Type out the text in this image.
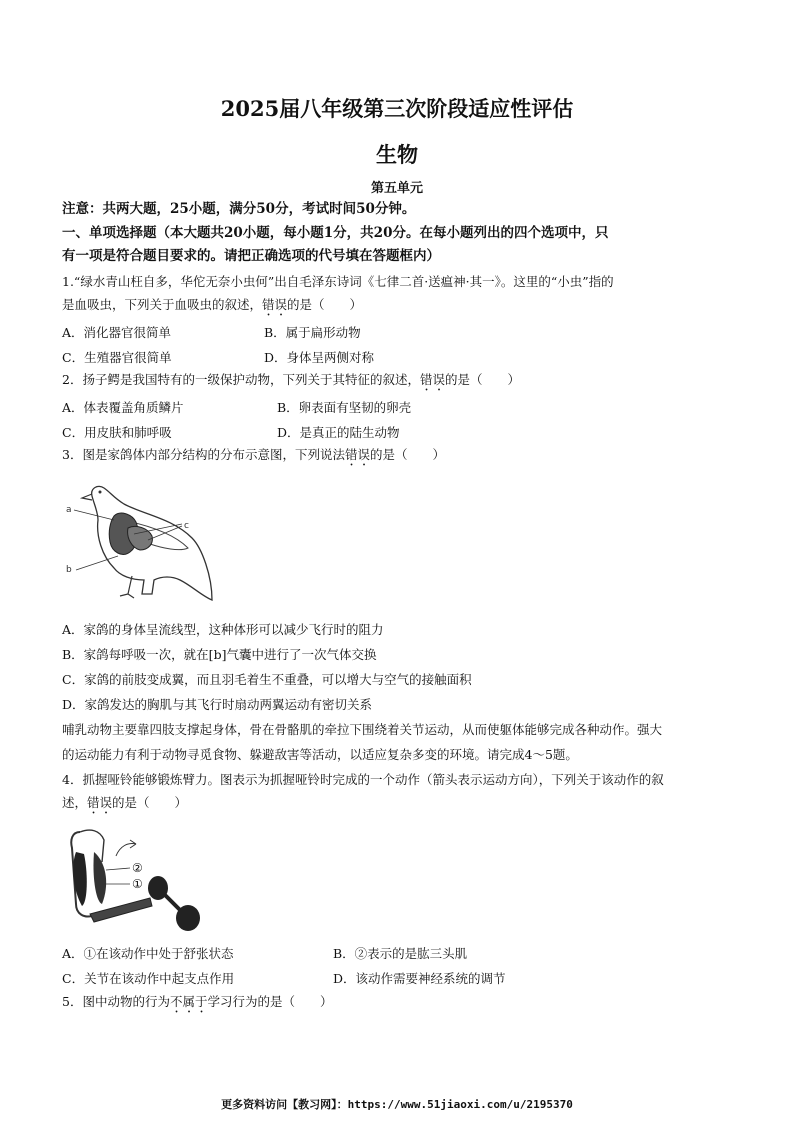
2025届八年级第三次阶段适应性评估
生物
第五单元
注意：共两大题，25小题，满分50分，考试时间50分钟。
一、单项选择题（本大题共20小题，每小题1分，共20分。在每小题列出的四个选项中，只
有一项是符合题目要求的。请把正确选项的代号填在答题框内）
1.“绿水青山枉自多，华佗无奈小虫何”出自毛泽东诗词《七律二首·送瘟神·其一》。这里的“小虫”指的
是血吸虫，下列关于血吸虫的叙述，错误的是（　　）
A．消化器官很简单	B．属于扁形动物
C．生殖器官很简单	D．身体呈两侧对称
2．扬子鳄是我国特有的一级保护动物，下列关于其特征的叙述，错误的是（　　）
A．体表覆盖角质鳞片	B．卵表面有坚韧的卵壳
C．用皮肤和肺呼吸	D．是真正的陆生动物
3．图是家鸽体内部分结构的分布示意图，下列说法错误的是（　　）
a
c
b
A．家鸽的身体呈流线型，这种体形可以减少飞行时的阻力
B．家鸽每呼吸一次，就在[b]气囊中进行了一次气体交换
C．家鸽的前肢变成翼，而且羽毛着生不重叠，可以增大与空气的接触面积
D．家鸽发达的胸肌与其飞行时扇动两翼运动有密切关系
哺乳动物主要靠四肢支撑起身体，骨在骨骼肌的牵拉下围绕着关节运动，从而使躯体能够完成各种动作。强大
的运动能力有利于动物寻觅食物、躲避敌害等活动，以适应复杂多变的环境。请完成4～5题。
4．抓握哑铃能够锻炼臂力。图表示为抓握哑铃时完成的一个动作（箭头表示运动方向），下列关于该动作的叙
述，错误的是（　　）
②
①
A．①在该动作中处于舒张状态	B．②表示的是肱三头肌
C．关节在该动作中起支点作用	D．该动作需要神经系统的调节
5．图中动物的行为不属于学习行为的是（　　）
更多资料访问【教习网】：https://www.51jiaoxi.com/u/2195370
